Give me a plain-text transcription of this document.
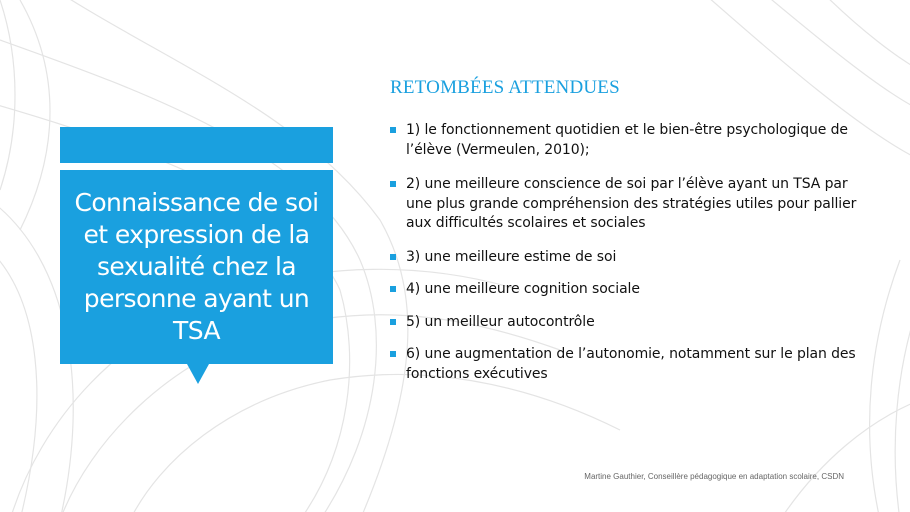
Connaissance de soi et expression de la sexualité chez la personne ayant un TSA
RETOMBÉES ATTENDUES
1) le fonctionnement quotidien et le bien-être psychologique de l’élève (Vermeulen, 2010);
2) une meilleure conscience de soi par l’élève ayant un TSA par une plus grande compréhension des stratégies utiles pour pallier aux difficultés scolaires et sociales
3) une meilleure estime de soi
4) une meilleure cognition sociale
5) un meilleur autocontrôle
6) une augmentation de l’autonomie, notamment sur le plan des fonctions exécutives
Martine Gauthier, Conseillère pédagogique en adaptation scolaire, CSDN
